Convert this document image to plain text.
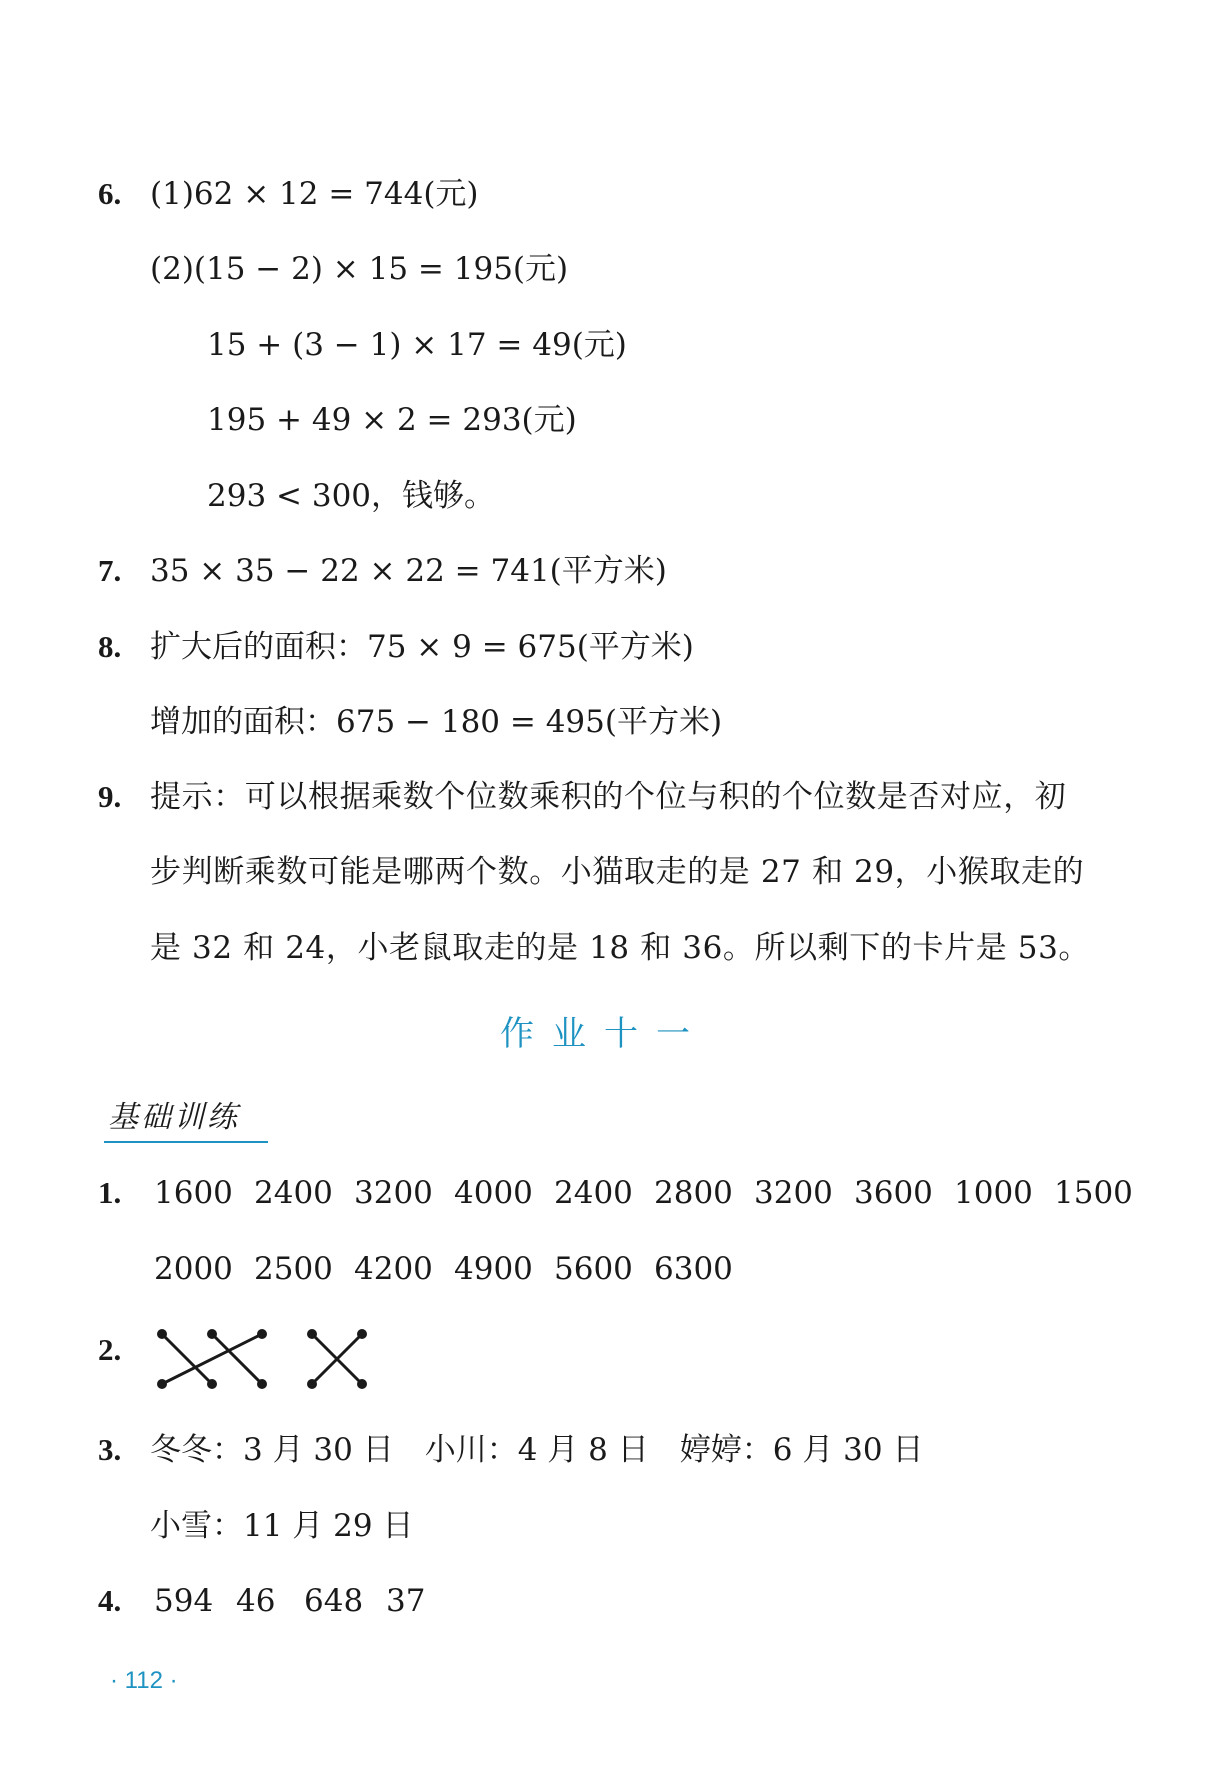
6. (1)62 × 12 = 744(元)
(2)(15 − 2) × 15 = 195(元)
15 + (3 − 1) × 17 = 49(元)
195 + 49 × 2 = 293(元)
293 < 300，钱够。
7. 35 × 35 − 22 × 22 = 741(平方米)
8. 扩大后的面积：75 × 9 = 675(平方米)
增加的面积：675 − 180 = 495(平方米)
9. 提示：可以根据乘数个位数乘积的个位与积的个位数是否对应，初
步判断乘数可能是哪两个数。小猫取走的是 27 和 29，小猴取走的
是 32 和 24，小老鼠取走的是 18 和 36。所以剩下的卡片是 53。
作业十一
基础训练
1. 1600 2400 3200 4000 2400 2800 3200 3600 1000 1500
2000 2500 4200 4900 5600 6300
2.
3. 冬冬：3 月 30 日　小川：4 月 8 日　婷婷：6 月 30 日
小雪：11 月 29 日
4. 594 46 648 37
· 112 ·
